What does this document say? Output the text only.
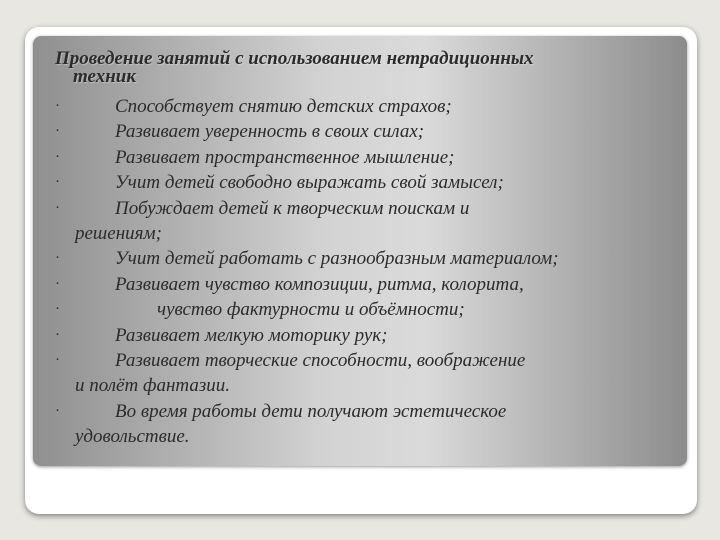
Проведение занятий с использованием нетрадиционных
техник
·	Способствует снятию детских страхов;
·	Развивает уверенность в своих силах;
·	Развивает пространственное мышление;
·	Учит детей свободно выражать свой замысел;
·	Побуждает детей к творческим поискам и
решениям;
·	Учит детей работать с разнообразным материалом;
·	Развивает чувство композиции, ритма, колорита,
·	чувство фактурности и объёмности;
·	Развивает мелкую моторику рук;
·	Развивает творческие способности, воображение
и полёт фантазии.
·	Во время работы дети получают эстетическое
удовольствие.
